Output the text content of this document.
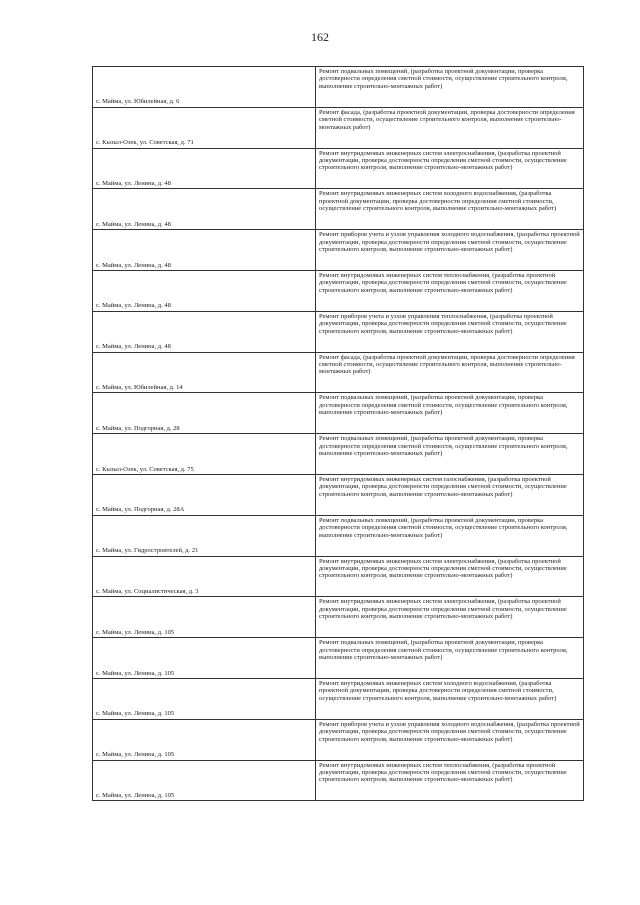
162
с. Майма, ул. Юбилейная, д. 6	Ремонт подвальных помещений, (разработка проектной документации, проверка достоверности определения сметной стоимости, осуществление строительного контроля, выполнение строительно-монтажных работ)
с. Кызыл-Озек, ул. Советская, д. 71	Ремонт фасада, (разработка проектной документации, проверка достоверности определения сметной стоимости, осуществление строительного контроля, выполнение строительно-монтажных работ)
с. Майма, ул. Ленина, д. 48	Ремонт внутридомовых инженерных систем электроснабжения, (разработка проектной документации, проверка достоверности определения сметной стоимости, осуществление строительного контроля, выполнение строительно-монтажных работ)
с. Майма, ул. Ленина, д. 48	Ремонт внутридомовых инженерных систем холодного водоснабжения, (разработка проектной документации, проверка достоверности определения сметной стоимости, осуществление строительного контроля, выполнение строительно-монтажных работ)
с. Майма, ул. Ленина, д. 48	Ремонт приборов учета и узлов управления холодного водоснабжения, (разработка проектной документации, проверка достоверности определения сметной стоимости, осуществление строительного контроля, выполнение строительно-монтажных работ)
с. Майма, ул. Ленина, д. 48	Ремонт внутридомовых инженерных систем теплоснабжения, (разработка проектной документации, проверка достоверности определения сметной стоимости, осуществление строительного контроля, выполнение строительно-монтажных работ)
с. Майма, ул. Ленина, д. 48	Ремонт приборов учета и узлов управления теплоснабжения, (разработка проектной документации, проверка достоверности определения сметной стоимости, осуществление строительного контроля, выполнение строительно-монтажных работ)
с. Майма, ул. Юбилейная, д. 14	Ремонт фасада, (разработка проектной документации, проверка достоверности определения сметной стоимости, осуществление строительного контроля, выполнение строительно-монтажных работ)
с. Майма, ул. Подгорная, д. 28	Ремонт подвальных помещений, (разработка проектной документации, проверка достоверности определения сметной стоимости, осуществление строительного контроля, выполнение строительно-монтажных работ)
с. Кызыл-Озек, ул. Советская, д. 75	Ремонт подвальных помещений, (разработка проектной документации, проверка достоверности определения сметной стоимости, осуществление строительного контроля, выполнение строительно-монтажных работ)
с. Майма, ул. Подгорная, д. 28А	Ремонт внутридомовых инженерных систем газоснабжения, (разработка проектной документации, проверка достоверности определения сметной стоимости, осуществление строительного контроля, выполнение строительно-монтажных работ)
с. Майма, ул. Гидростроителей, д. 21	Ремонт подвальных помещений, (разработка проектной документации, проверка достоверности определения сметной стоимости, осуществление строительного контроля, выполнение строительно-монтажных работ)
с. Майма, ул. Социалистическая, д. 3	Ремонт внутридомовых инженерных систем электроснабжения, (разработка проектной документации, проверка достоверности определения сметной стоимости, осуществление строительного контроля, выполнение строительно-монтажных работ)
с. Майма, ул. Ленина, д. 105	Ремонт внутридомовых инженерных систем электроснабжения, (разработка проектной документации, проверка достоверности определения сметной стоимости, осуществление строительного контроля, выполнение строительно-монтажных работ)
с. Майма, ул. Ленина, д. 105	Ремонт подвальных помещений, (разработка проектной документации, проверка достоверности определения сметной стоимости, осуществление строительного контроля, выполнение строительно-монтажных работ)
с. Майма, ул. Ленина, д. 105	Ремонт внутридомовых инженерных систем холодного водоснабжения, (разработка проектной документации, проверка достоверности определения сметной стоимости, осуществление строительного контроля, выполнение строительно-монтажных работ)
с. Майма, ул. Ленина, д. 105	Ремонт приборов учета и узлов управления холодного водоснабжения, (разработка проектной документации, проверка достоверности определения сметной стоимости, осуществление строительного контроля, выполнение строительно-монтажных работ)
с. Майма, ул. Ленина, д. 105	Ремонт внутридомовых инженерных систем теплоснабжения, (разработка проектной документации, проверка достоверности определения сметной стоимости, осуществление строительного контроля, выполнение строительно-монтажных работ)
